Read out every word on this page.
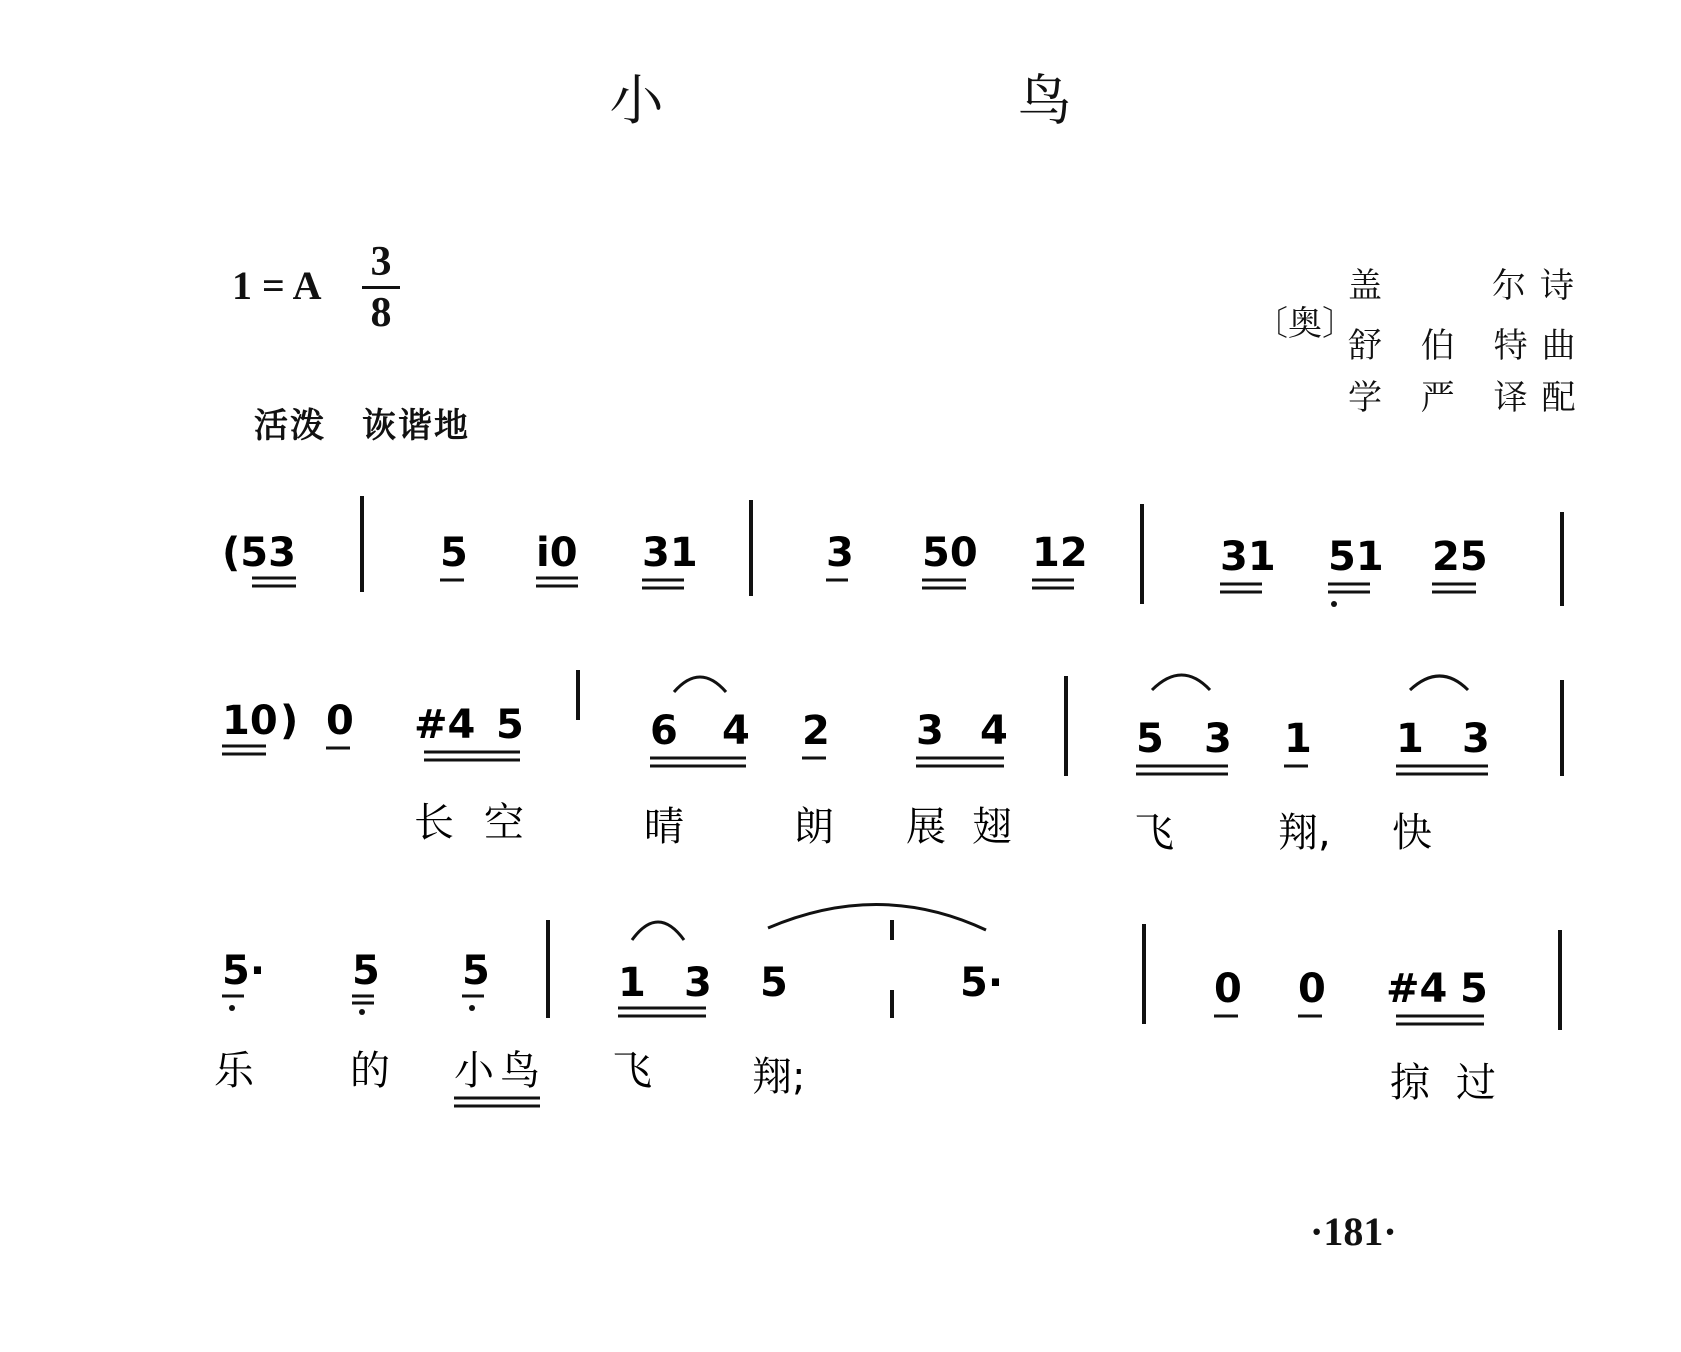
小　鸟
1 = A
3
8
活泼　诙谐地
〔奥〕
盖　　尔诗
舒 伯 特曲
学 严 译配
(53	5 i0 31	3 50 12	31 51 25
10 ) 0 #4 5	6 4 2 3 4	5 3 1 1 3
长 空	晴	朗 展 翅	飞	翔, 快
5· 5 5	1 3 5	5·	0 0 #4 5
乐 的 小 鸟 飞	翔;	掠 过
·181·
